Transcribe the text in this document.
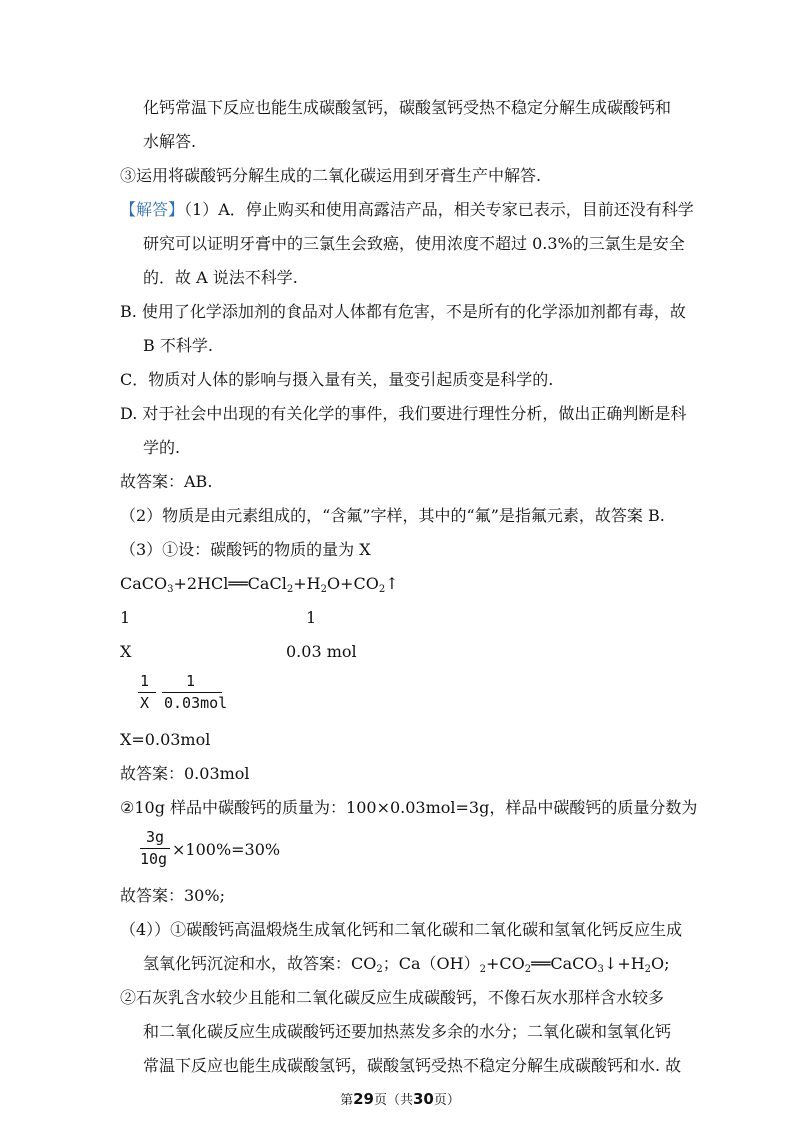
化钙常温下反应也能生成碳酸氢钙，碳酸氢钙受热不稳定分解生成碳酸钙和
水解答.
③运用将碳酸钙分解生成的二氧化碳运用到牙膏生产中解答.
【解答】（1）A．停止购买和使用高露洁产品，相关专家已表示，目前还没有科学
研究可以证明牙膏中的三氯生会致癌，使用浓度不超过 0.3%的三氯生是安全
的．故 A 说法不科学.
B. 使用了化学添加剂的食品对人体都有危害，不是所有的化学添加剂都有毒，故
B 不科学.
C．物质对人体的影响与摄入量有关，量变引起质变是科学的.
D. 对于社会中出现的有关化学的事件，我们要进行理性分析，做出正确判断是科
学的.
故答案：AB.
（2）物质是由元素组成的，“含氟”字样，其中的“氟”是指氟元素，故答案 B.
（3）①设：碳酸钙的物质的量为 X
$CaCO_3+2HCl══CaCl_2+H_2O+CO_2↑$
1	1
X	0.03 mol
1 1
X 0.03mol
X=0.03mol
故答案：0.03mol
②10g 样品中碳酸钙的质量为：100×0.03mol=3g，样品中碳酸钙的质量分数为
3g
10g ×100%=30%
故答案：30%;
（4））①碳酸钙高温煅烧生成氧化钙和二氧化碳和二氧化碳和氢氧化钙反应生成
氢氧化钙沉淀和水，故答案：$CO_2$；$Ca(OH)_2+CO_2══CaCO_3↓+H_2O$;
②石灰乳含水较少且能和二氧化碳反应生成碳酸钙，不像石灰水那样含水较多
和二氧化碳反应生成碳酸钙还要加热蒸发多余的水分；二氧化碳和氢氧化钙
常温下反应也能生成碳酸氢钙，碳酸氢钙受热不稳定分解生成碳酸钙和水. 故
第29页（共30页）
